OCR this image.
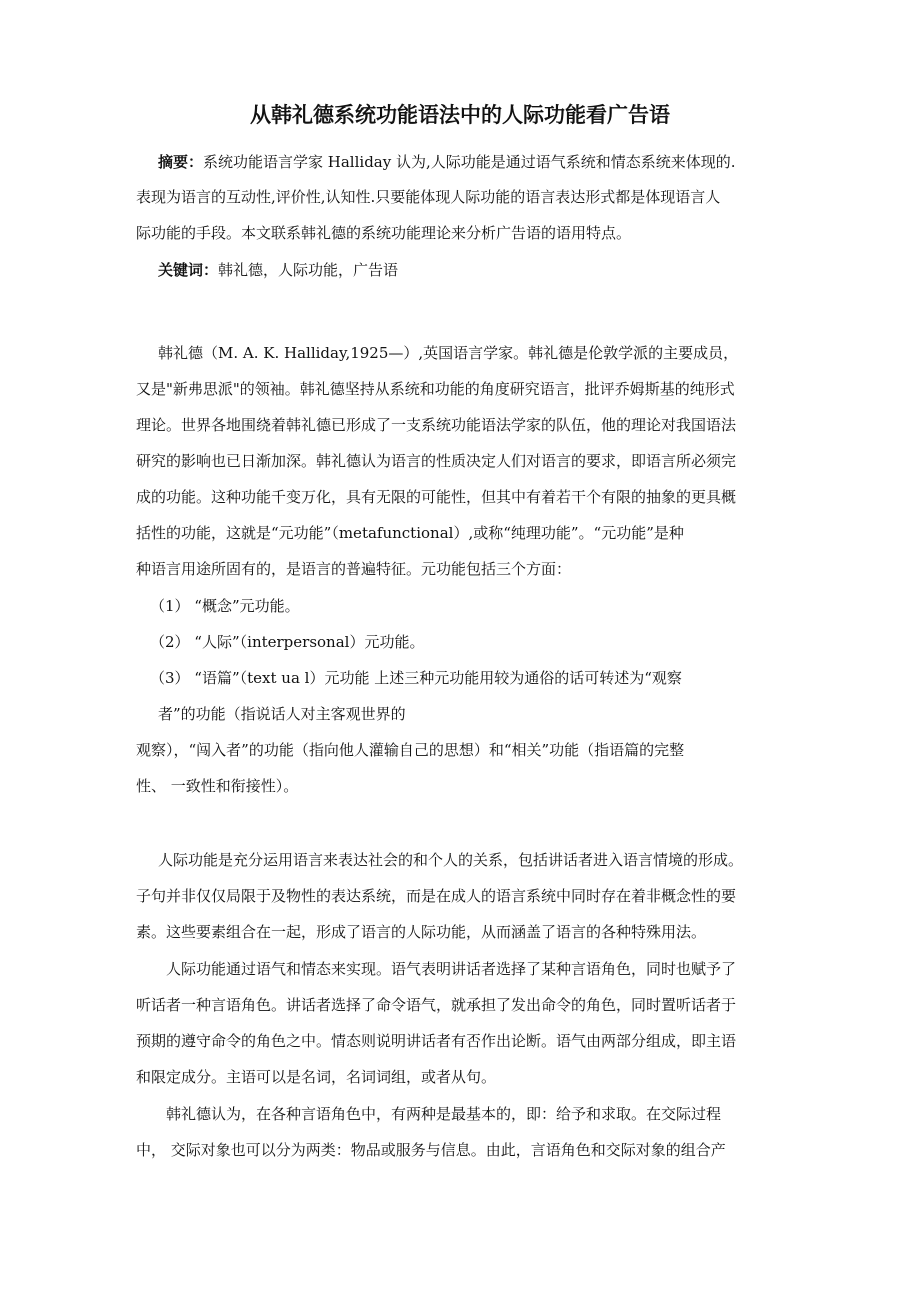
从韩礼德系统功能语法中的人际功能看广告语
摘要：系统功能语言学家 Halliday 认为,人际功能是通过语气系统和情态系统来体现的.
表现为语言的互动性,评价性,认知性.只要能体现人际功能的语言表达形式都是体现语言人
际功能的手段。本文联系韩礼德的系统功能理论来分析广告语的语用特点。
关键词：韩礼德，人际功能，广告语
韩礼德（M. A. K. Halliday,1925—）,英国语言学家。韩礼德是伦敦学派的主要成员，
又是"新弗思派"的领袖。韩礼德坚持从系统和功能的角度研究语言，批评乔姆斯基的纯形式
理论。世界各地围绕着韩礼德已形成了一支系统功能语法学家的队伍，他的理论对我国语法
研究的影响也已日渐加深。韩礼德认为语言的性质决定人们对语言的要求，即语言所必须完
成的功能。这种功能千变万化，具有无限的可能性，但其中有着若干个有限的抽象的更具概
括性的功能，这就是“元功能”（metafunctional）,或称“纯理功能”。“元功能”是种
种语言用途所固有的，是语言的普遍特征。元功能包括三个方面：
（1） “概念”元功能。
（2） “人际”（interpersonal）元功能。
（3） “语篇”（text ua l）元功能 上述三种元功能用较为通俗的话可转述为“观察
者”的功能（指说话人对主客观世界的
观察），“闯入者”的功能（指向他人灌输自己的思想）和“相关”功能（指语篇的完整
性、 一致性和衔接性）。
人际功能是充分运用语言来表达社会的和个人的关系，包括讲话者进入语言情境的形成。
子句并非仅仅局限于及物性的表达系统，而是在成人的语言系统中同时存在着非概念性的要
素。这些要素组合在一起，形成了语言的人际功能，从而涵盖了语言的各种特殊用法。
人际功能通过语气和情态来实现。语气表明讲话者选择了某种言语角色，同时也赋予了
听话者一种言语角色。讲话者选择了命令语气，就承担了发出命令的角色，同时置听话者于
预期的遵守命令的角色之中。情态则说明讲话者有否作出论断。语气由两部分组成，即主语
和限定成分。主语可以是名词，名词词组，或者从句。
韩礼德认为，在各种言语角色中，有两种是最基本的，即：给予和求取。在交际过程
中， 交际对象也可以分为两类：物品或服务与信息。由此，言语角色和交际对象的组合产
